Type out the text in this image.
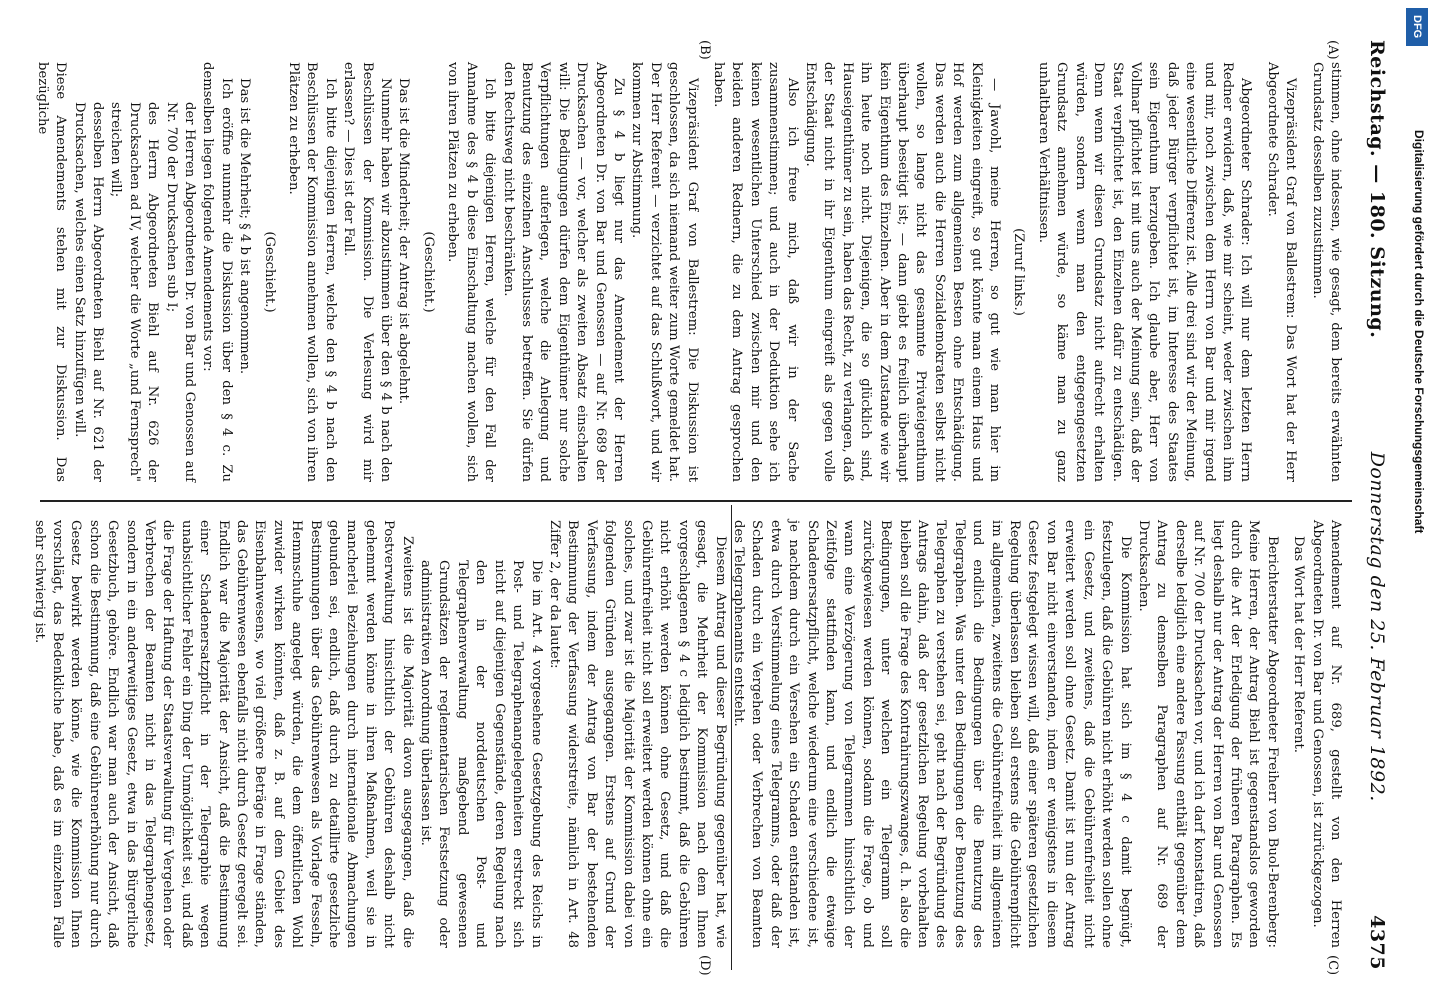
Reichstag. — 180. Sitzung.
Donnerstag den 25. Februar 1892.
4375
(A)
(B)
(C)
(D)

stimmen, ohne indessen, wie gesagt, dem bereits erwähnten Grundsatz desselben zuzustimmen.

Vizepräsident Graf von Ballestrem: Das Wort hat der Herr Abgeordnete Schrader.

Abgeordneter Schrader: Ich will nur dem letzten Herrn Redner erwidern, daß, wie mir scheint, weder zwischen ihm und mir, noch zwischen dem Herrn von Bar und mir irgend eine wesentliche Differenz ist. Alle drei sind wir der Meinung, daß jeder Bürger verpflichtet ist, im Interesse des Staates sein Eigenthum herzugeben. Ich glaube aber, Herr von Vollmar pflichtet ist mit uns auch der Meinung sein, daß der Staat verpflichtet ist, den Einzelnen dafür zu entschädigen. Denn wenn wir diesen Grundsatz nicht aufrecht erhalten würden, sondern wenn man den entgegengesetzten Grundsatz annehmen würde, so käme man zu ganz unhaltbaren Verhältnissen.

(Zuruf links.)

— Jawohl, meine Herren, so gut wie man hier im Kleinigkeiten eingreift, so gut könnte man einem Haus und Hof werden zum allgemeinen Besten ohne Entschädigung. Das werden auch die Herren Sozialdemokraten selbst nicht wollen, so lange nicht das gesammte Privateigenthum überhaupt beseitigt ist; — dann giebt es freilich überhaupt kein Eigenthum des Einzelnen. Aber in dem Zustande wie wir ihn heute noch nicht. Diejenigen, die so glücklich sind, Hauseigenthümer zu sein, haben das Recht, zu verlangen, daß der Staat nicht in ihr Eigenthum eingreift als gegen volle Entschädigung.

Also ich freue mich, daß wir in der Sache zusammenstimmen; und auch in der Deduktion sehe ich keinen wesentlichen Unterschied zwischen mir und den beiden anderen Rednern, die zu dem Antrag gesprochen haben.

Vizepräsident Graf von Ballestrem: Die Diskussion ist geschlossen, da sich niemand weiter zum Worte gemeldet hat. Der Herr Referent — verzichtet auf das Schlußwort, und wir kommen zur Abstimmung.

Zu § 4 b liegt nur das Amendement der Herren Abgeordneten Dr. von Bar und Genossen — auf Nr. 689 der Drucksachen — vor, welcher als zweiten Absatz einschalten will: Die Bedingungen dürfen dem Eigenthümer nur solche Verpflichtungen auferlegen, welche die Anlegung und Benutzung des einzelnen Anschlusses betreffen. Sie dürfen den Rechtsweg nicht beschränken.

Ich bitte diejenigen Herren, welche für den Fall der Annahme des § 4 b diese Einschaltung machen wollen, sich von ihren Plätzen zu erheben.

(Geschieht.)

Das ist die Minderheit; der Antrag ist abgelehnt.

Nunmehr haben wir abzustimmen über den § 4 b nach den Beschlüssen der Kommission. Die Verlesung wird mir erlassen? — Dies ist der Fall.

Ich bitte diejenigen Herren, welche den § 4 b nach den Beschlüssen der Kommission annehmen wollen, sich von ihren Plätzen zu erheben.

(Geschieht.)

Das ist die Mehrheit; § 4 b ist angenommen.

Ich eröffne nunmehr die Diskussion über den § 4 c. Zu demselben liegen folgende Amendements vor:

der Herren Abgeordneten Dr. von Bar und Genossen auf Nr. 700 der Drucksachen sub I;

des Herrn Abgeordneten Biehl auf Nr. 626 der Drucksachen ad IV, welcher die Worte „und Fernsprech" streichen will;

desselben Herrn Abgeordneten Biehl auf Nr. 621 der Drucksachen, welches einen Satz hinzufügen will.

Diese Amendements stehen mit zur Diskussion. Das bezügliche

Amendement auf Nr. 689, gestellt von den Herren Abgeordneten Dr. von Bar und Genossen, ist zurückgezogen.

Das Wort hat der Herr Referent.

Berichterstatter Abgeordneter Freiherr von Buol-Berenberg: Meine Herren, der Antrag Biehl ist gegenstandslos geworden durch die Art der Erledigung der früheren Paragraphen. Es liegt deshalb nur der Antrag der Herren von Bar und Genossen auf Nr. 700 der Drucksachen vor, und ich darf konstatiren, daß derselbe lediglich eine andere Fassung enthält gegenüber dem Antrag zu demselben Paragraphen auf Nr. 689 der Drucksachen.

Die Kommission hat sich im § 4 c damit begnügt, festzulegen, daß die Gebühren nicht erhöht werden sollen ohne ein Gesetz, und zweitens, daß die Gebührenfreiheit nicht erweitert werden soll ohne Gesetz. Damit ist nun der Antrag von Bar nicht einverstanden, indem er wenigstens in diesem Gesetz festgelegt wissen will, daß einer späteren gesetzlichen Regelung überlassen bleiben soll erstens die Gebührenpflicht im allgemeinen, zweitens die Gebührenfreiheit im allgemeinen und endlich die Bedingungen über die Benutzung des Telegraphen. Was unter den Bedingungen der Benutzung des Telegraphen zu verstehen sei, geht nach der Begründung des Antrags dahin, daß der gesetzlichen Regelung vorbehalten bleiben soll die Frage des Kontrahirungszwanges, d. h. also die Bedingungen, unter welchen ein Telegramm soll zurückgewiesen werden können, sodann die Frage, ob und wann eine Verzögerung von Telegrammen hinsichtlich der Zeitfolge stattfinden kann, und endlich die etwaige Schadenersatzpflicht, welche wiederum eine verschiedene ist, je nachdem durch ein Versehen ein Schaden entstanden ist, etwa durch Verstümmelung eines Telegramms, oder daß der Schaden durch ein Vergehen oder Verbrechen von Beamten des Telegraphenamts entsteht.

Diesem Antrag und dieser Begründung gegenüber hat, wie gesagt, die Mehrheit der Kommission nach dem Ihnen vorgeschlagenen § 4 c lediglich bestimmt, daß die Gebühren nicht erhöht werden können ohne Gesetz, und daß die Gebührenfreiheit nicht soll erweitert werden können ohne ein solches, und zwar ist die Majorität der Kommission dabei von folgenden Gründen ausgegangen. Erstens auf Grund der Verfassung, indem der Antrag von Bar der bestehenden Bestimmung der Verfassung widerstreite, nämlich in Art. 48 Ziffer 2, der da lautet:

Die im Art. 4 vorgesehene Gesetzgebung des Reichs in Post- und Telegraphenangelegenheiten erstreckt sich nicht auf diejenigen Gegenstände, deren Regelung nach den in der norddeutschen Post- und Telegraphenverwaltung maßgebend gewesenen Grundsätzen der reglementarischen Festsetzung oder administrativen Anordnung überlassen ist.

Zweitens ist die Majorität davon ausgegangen, daß die Postverwaltung hinsichtlich der Gebühren deshalb nicht gehemmt werden könne in ihren Maßnahmen, weil sie in mancherlei Beziehungen durch internationale Abmachungen gebunden sei, endlich, daß durch zu detaillirte gesetzliche Bestimmungen über das Gebührenwesen als Vorlage Fesseln, Hemmschuhe angelegt würden, die dem öffentlichen Wohl zuwider wirken könnten, daß z. B. auf dem Gebiet des Eisenbahnwesens, wo viel größere Beträge in Frage ständen, das Gebührenwesen ebenfalls nicht durch Gesetz geregelt sei. Endlich war die Majorität der Ansicht, daß die Bestimmung einer Schadenersatzpflicht in der Telegraphie wegen unabsichtlicher Fehler ein Ding der Unmöglichkeit sei, und daß die Frage der Haftung der Staatsverwaltung für Vergehen oder Verbrechen der Beamten nicht in das Telegraphengesetz, sondern in ein anderweitiges Gesetz, etwa in das Bürgerliche Gesetzbuch, gehöre. Endlich war man auch der Ansicht, daß schon die Bestimmung, daß eine Gebührenerhöhung nur durch Gesetz bewirkt werden könne, wie die Kommission Ihnen vorschlägt, das Bedenkliche habe, daß es im einzelnen Falle sehr schwierig ist.

DFG
Digitalisierung gefördert durch die Deutsche Forschungsgemeinschaft
